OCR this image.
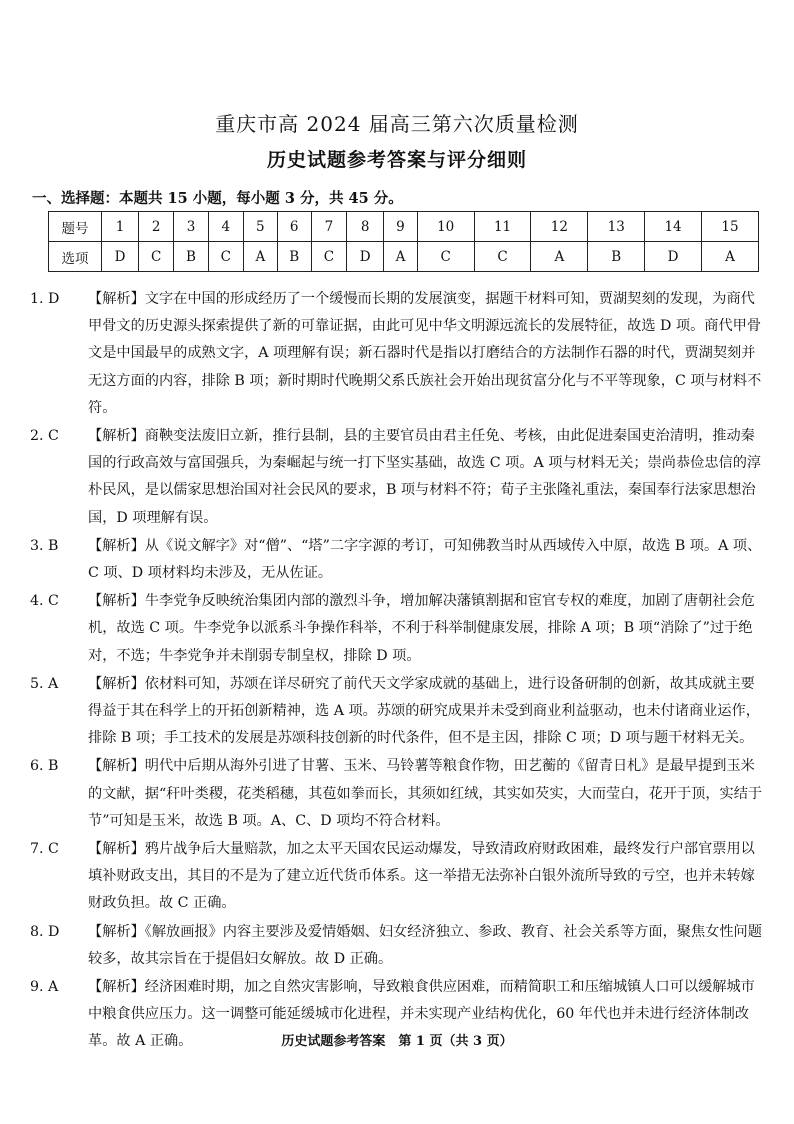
重庆市高 2024 届高三第六次质量检测
历史试题参考答案与评分细则
一、选择题：本题共 15 小题，每小题 3 分，共 45 分。
题号	1	2	3	4	5	6	7	8	9	10	11	12	13	14	15
选项	D	C	B	C	A	B	C	D	A	C	C	A	B	D	A
1. D 【解析】文字在中国的形成经历了一个缓慢而长期的发展演变，据题干材料可知，贾湖契刻的发现，为商代甲骨文的历史源头探索提供了新的可靠证据，由此可见中华文明源远流长的发展特征，故选 D 项。商代甲骨文是中国最早的成熟文字，A 项理解有误；新石器时代是指以打磨结合的方法制作石器的时代，贾湖契刻并无这方面的内容，排除 B 项；新时期时代晚期父系氏族社会开始出现贫富分化与不平等现象，C 项与材料不符。
2. C 【解析】商鞅变法废旧立新，推行县制，县的主要官员由君主任免、考核，由此促进秦国吏治清明，推动秦国的行政高效与富国强兵，为秦崛起与统一打下坚实基础，故选 C 项。A 项与材料无关；崇尚恭俭忠信的淳朴民风，是以儒家思想治国对社会民风的要求，B 项与材料不符；荀子主张隆礼重法，秦国奉行法家思想治国，D 项理解有误。
3. B 【解析】从《说文解字》对“僧”、“塔”二字字源的考订，可知佛教当时从西域传入中原，故选 B 项。A 项、C 项、D 项材料均未涉及，无从佐证。
4. C 【解析】牛李党争反映统治集团内部的激烈斗争，增加解决藩镇割据和宦官专权的难度，加剧了唐朝社会危机，故选 C 项。牛李党争以派系斗争操作科举，不利于科举制健康发展，排除 A 项；B 项“消除了”过于绝对，不选；牛李党争并未削弱专制皇权，排除 D 项。
5. A 【解析】依材料可知，苏颂在详尽研究了前代天文学家成就的基础上，进行设备研制的创新，故其成就主要得益于其在科学上的开拓创新精神，选 A 项。苏颂的研究成果并未受到商业利益驱动，也未付诸商业运作，排除 B 项；手工技术的发展是苏颂科技创新的时代条件，但不是主因，排除 C 项；D 项与题干材料无关。
6. B 【解析】明代中后期从海外引进了甘薯、玉米、马铃薯等粮食作物，田艺蘅的《留青日札》是最早提到玉米的文献，据“秆叶类稷，花类稻穗，其苞如拳而长，其须如红绒，其实如芡实，大而莹白，花开于顶，实结于节”可知是玉米，故选 B 项。A、C、D 项均不符合材料。
7. C 【解析】鸦片战争后大量赔款，加之太平天国农民运动爆发，导致清政府财政困难，最终发行户部官票用以填补财政支出，其目的不是为了建立近代货币体系。这一举措无法弥补白银外流所导致的亏空，也并未转嫁财政负担。故 C 正确。
8. D 【解析】《解放画报》内容主要涉及爱情婚姻、妇女经济独立、参政、教育、社会关系等方面，聚焦女性问题较多，故其宗旨在于提倡妇女解放。故 D 正确。
9. A 【解析】经济困难时期，加之自然灾害影响，导致粮食供应困难，而精简职工和压缩城镇人口可以缓解城市中粮食供应压力。这一调整可能延缓城市化进程，并未实现产业结构优化，60 年代也并未进行经济体制改革。故 A 正确。	历史试题参考答案　第 1 页（共 3 页）
